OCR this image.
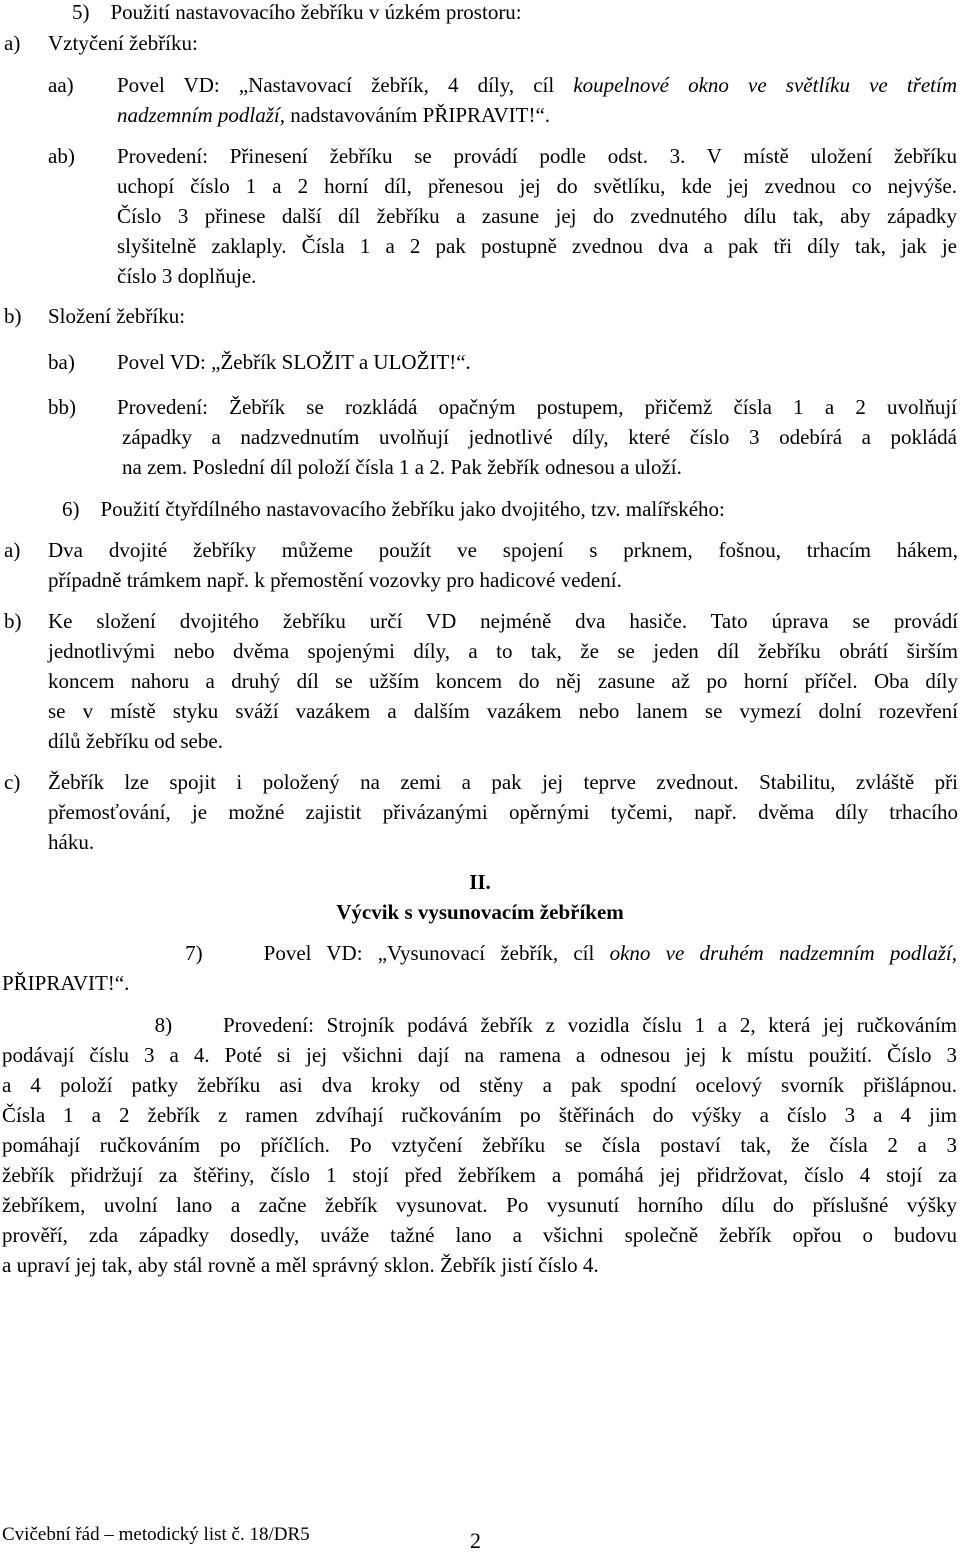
5)    Použití nastavovacího žebříku v úzkém prostoru:
a) Vztyčení žebříku:
aa) Povel VD: „Nastavovací žebřík, 4 díly, cíl koupelnové okno ve světlíku ve třetím
nadzemním podlaží, nadstavováním PŘIPRAVIT!“.
ab) Provedení: Přinesení žebříku se provádí podle odst. 3. V místě uložení žebříku
uchopí číslo 1 a 2 horní díl, přenesou jej do světlíku, kde jej zvednou co nejvýše.
Číslo 3 přinese další díl žebříku a zasune jej do zvednutého dílu tak, aby západky
slyšitelně zaklaply. Čísla 1 a 2 pak postupně zvednou dva a pak tři díly tak, jak je
číslo 3 doplňuje.
b) Složení žebříku:
ba) Povel VD: „Žebřík SLOŽIT a ULOŽIT!“.
bb) Provedení: Žebřík se rozkládá opačným postupem, přičemž čísla 1 a 2 uvolňují
západky a nadzvednutím uvolňují jednotlivé díly, které číslo 3 odebírá a pokládá
na zem. Poslední díl položí čísla 1 a 2. Pak žebřík odnesou a uloží.
6)    Použití čtyřdílného nastavovacího žebříku jako dvojitého, tzv. malířského:
a) Dva dvojité žebříky můžeme použít ve spojení s prknem, fošnou, trhacím hákem,
případně trámkem např. k přemostění vozovky pro hadicové vedení.
b) Ke složení dvojitého žebříku určí VD nejméně dva hasiče. Tato úprava se provádí
jednotlivými nebo dvěma spojenými díly, a to tak, že se jeden díl žebříku obrátí širším
koncem nahoru a druhý díl se užším koncem do něj zasune až po horní příčel. Oba díly
se v místě styku sváží vazákem a dalším vazákem nebo lanem se vymezí dolní rozevření
dílů žebříku od sebe.
c) Žebřík lze spojit i položený na zemi a pak jej teprve zvednout. Stabilitu, zvláště při
přemosťování, je možné zajistit přivázanými opěrnými tyčemi, např. dvěma díly trhacího
háku.
II.
Výcvik s vysunovacím žebříkem
7)    Povel VD: „Vysunovací žebřík, cíl okno ve druhém nadzemním podlaží,
PŘIPRAVIT!“.
8)    Provedení: Strojník podává žebřík z vozidla číslu 1 a 2, která jej ručkováním
podávají číslu 3 a 4. Poté si jej všichni dají na ramena a odnesou jej k místu použití. Číslo 3
a 4 položí patky žebříku asi dva kroky od stěny a pak spodní ocelový svorník přišlápnou.
Čísla 1 a 2 žebřík z ramen zdvíhají ručkováním po štěřinách do výšky a číslo 3 a 4 jim
pomáhají ručkováním po příčlích. Po vztyčení žebříku se čísla postaví tak, že čísla 2 a 3
žebřík přidržují za štěřiny, číslo 1 stojí před žebříkem a pomáhá jej přidržovat, číslo 4 stojí za
žebříkem, uvolní lano a začne žebřík vysunovat. Po vysunutí horního dílu do příslušné výšky
prověří, zda západky dosedly, uváže tažné lano a všichni společně žebřík opřou o budovu
a upraví jej tak, aby stál rovně a měl správný sklon. Žebřík jistí číslo 4.
Cvičební řád – metodický list č. 18/DR5	2
